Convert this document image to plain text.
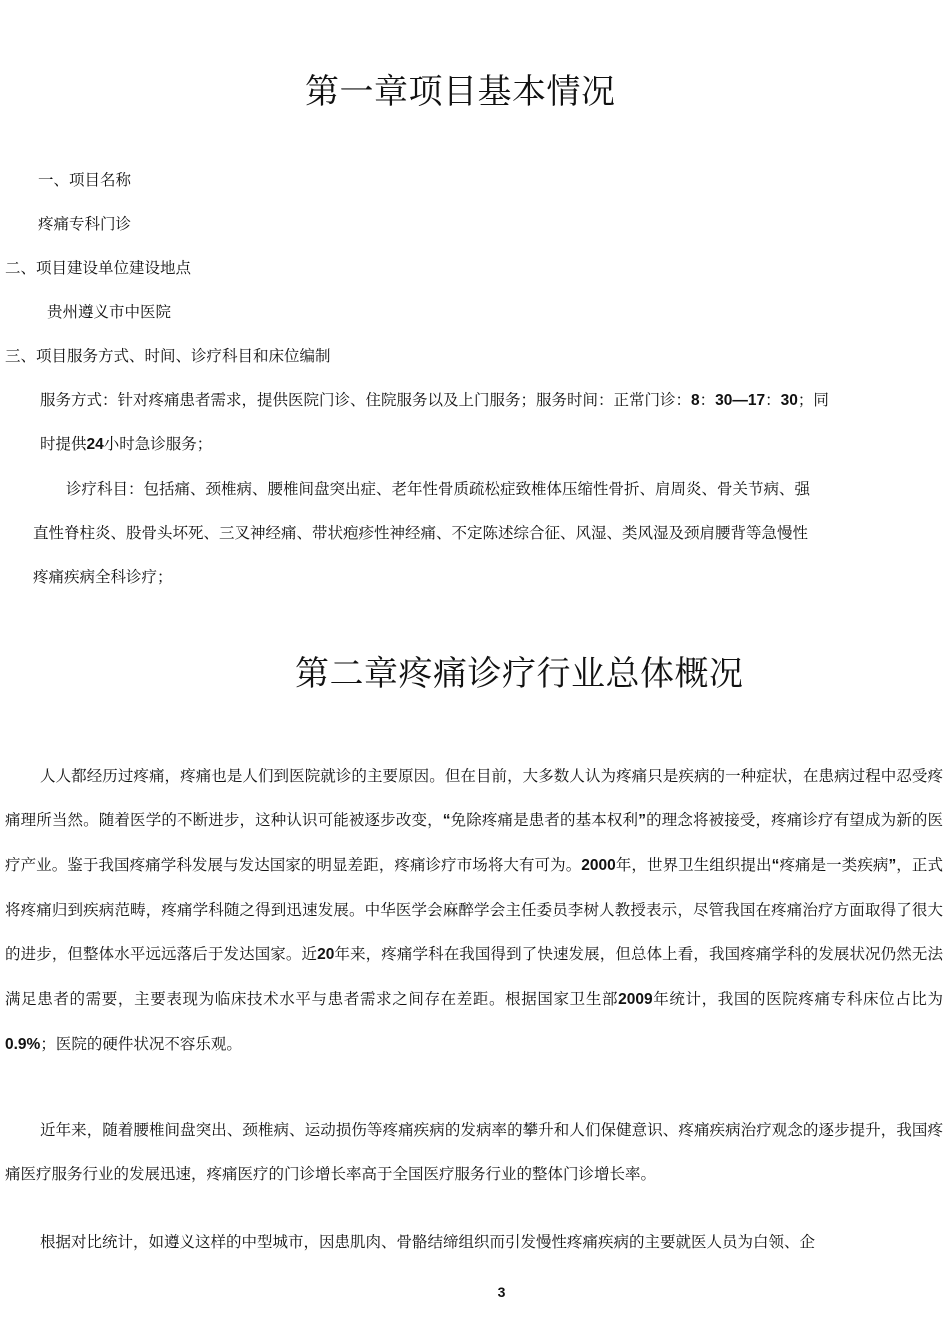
第一章项目基本情况
一、项目名称
疼痛专科门诊
二、项目建设单位建设地点
贵州遵义市中医院
三、项目服务方式、时间、诊疗科目和床位编制
服务方式：针对疼痛患者需求，提供医院门诊、住院服务以及上门服务；服务时间：正常门诊：8：30—17：30；同
时提供24小时急诊服务；
诊疗科目：包括痛、颈椎病、腰椎间盘突出症、老年性骨质疏松症致椎体压缩性骨折、肩周炎、骨关节病、强
直性脊柱炎、股骨头坏死、三叉神经痛、带状疱疹性神经痛、不定陈述综合征、风湿、类风湿及颈肩腰背等急慢性
疼痛疾病全科诊疗；
第二章疼痛诊疗行业总体概况

人人都经历过疼痛，疼痛也是人们到医院就诊的主要原因。但在目前，大多数人认为疼痛只是疾病的一种症状，在患病过程中忍受疼痛理所当然。随着医学的不断进步，这种认识可能被逐步改变，“免除疼痛是患者的基本权利”的理念将被接受，疼痛诊疗有望成为新的医疗产业。鉴于我国疼痛学科发展与发达国家的明显差距，疼痛诊疗市场将大有可为。2000年，世界卫生组织提出“疼痛是一类疾病”，正式将疼痛归到疾病范畴，疼痛学科随之得到迅速发展。中华医学会麻醉学会主任委员李树人教授表示，尽管我国在疼痛治疗方面取得了很大的进步，但整体水平远远落后于发达国家。近20年来，疼痛学科在我国得到了快速发展，但总体上看，我国疼痛学科的发展状况仍然无法满足患者的需要，主要表现为临床技术水平与患者需求之间存在差距。根据国家卫生部2009年统计，我国的医院疼痛专科床位占比为0.9%；医院的硬件状况不容乐观。

近年来，随着腰椎间盘突出、颈椎病、运动损伤等疼痛疾病的发病率的攀升和人们保健意识、疼痛疾病治疗观念的逐步提升，我国疼痛医疗服务行业的发展迅速，疼痛医疗的门诊增长率高于全国医疗服务行业的整体门诊增长率。

根据对比统计，如遵义这样的中型城市，因患肌肉、骨骼结缔组织而引发慢性疼痛疾病的主要就医人员为白领、企
3
